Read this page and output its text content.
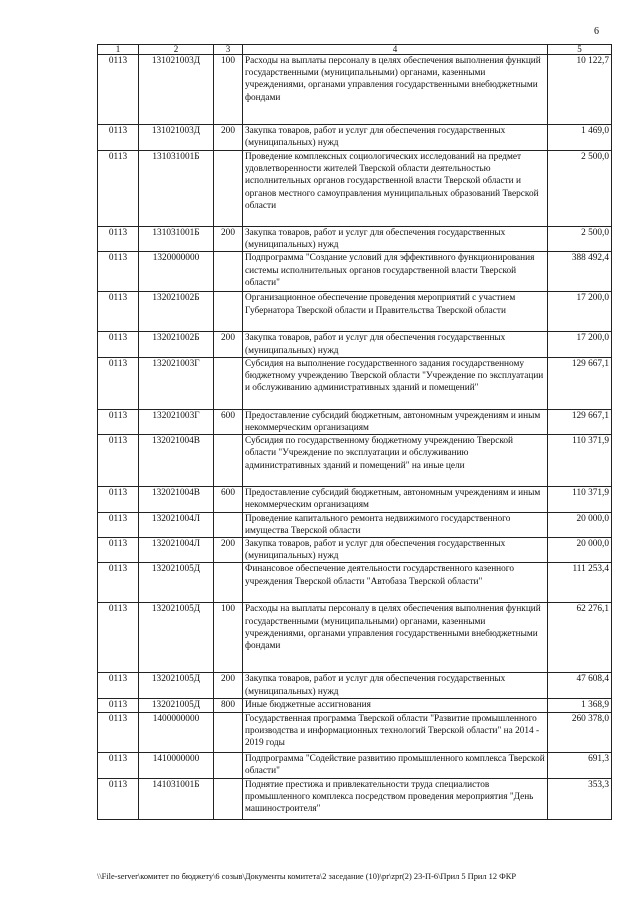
6
1	2	3	4	5
0113	131021003Д	100	Расходы на выплаты персоналу в целях обеспечения выполнения функций государственными (муниципальными) органами, казенными учреждениями, органами управления государственными внебюджетными фондами	10 122,7
0113	131021003Д	200	Закупка товаров, работ и услуг для обеспечения государственных (муниципальных) нужд	1 469,0
0113	131031001Б		Проведение комплексных социологических исследований на предмет удовлетворенности жителей Тверской области деятельностью исполнительных органов государственной власти Тверской области и органов местного самоуправления муниципальных образований Тверской области	2 500,0
0113	131031001Б	200	Закупка товаров, работ и услуг для обеспечения государственных (муниципальных) нужд	2 500,0
0113	1320000000		Подпрограмма "Создание условий для эффективного функционирования системы исполнительных органов государственной власти Тверской области"	388 492,4
0113	132021002Б		Организационное обеспечение проведения мероприятий с участием Губернатора Тверской области и Правительства Тверской области	17 200,0
0113	132021002Б	200	Закупка товаров, работ и услуг для обеспечения государственных (муниципальных) нужд	17 200,0
0113	132021003Г		Субсидия на выполнение государственного задания государственному бюджетному учреждению Тверской области "Учреждение по эксплуатации и обслуживанию административных зданий и помещений"	129 667,1
0113	132021003Г	600	Предоставление субсидий бюджетным, автономным учреждениям и иным некоммерческим организациям	129 667,1
0113	132021004В		Субсидия по государственному бюджетному учреждению Тверской области "Учреждение по эксплуатации и обслуживанию административных зданий и помещений" на иные цели	110 371,9
0113	132021004В	600	Предоставление субсидий бюджетным, автономным учреждениям и иным некоммерческим организациям	110 371,9
0113	132021004Л		Проведение капитального ремонта недвижимого государственного имущества Тверской области	20 000,0
0113	132021004Л	200	Закупка товаров, работ и услуг для обеспечения государственных (муниципальных) нужд	20 000,0
0113	132021005Д		Финансовое обеспечение деятельности государственного казенного учреждения Тверской области "Автобаза Тверской области"	111 253,4
0113	132021005Д	100	Расходы на выплаты персоналу в целях обеспечения выполнения функций государственными (муниципальными) органами, казенными учреждениями, органами управления государственными внебюджетными фондами	62 276,1
0113	132021005Д	200	Закупка товаров, работ и услуг для обеспечения государственных (муниципальных) нужд	47 608,4
0113	132021005Д	800	Иные бюджетные ассигнования	1 368,9
0113	1400000000		Государственная программа Тверской области "Развитие промышленного производства и информационных технологий Тверской области" на 2014 - 2019 годы	260 378,0
0113	1410000000		Подпрограмма "Содействие развитию промышленного комплекса Тверской области"	691,3
0113	141031001Б		Поднятие престижа и привлекательности труда специалистов промышленного комплекса посредством проведения мероприятия "День машиностроителя"	353,3
\\File-server\комитет по бюджету\6 созыв\Документы комитета\2 заседание (10)\pr\zpr(2) 23-П-6\Прил 5 Прил 12 ФКР
